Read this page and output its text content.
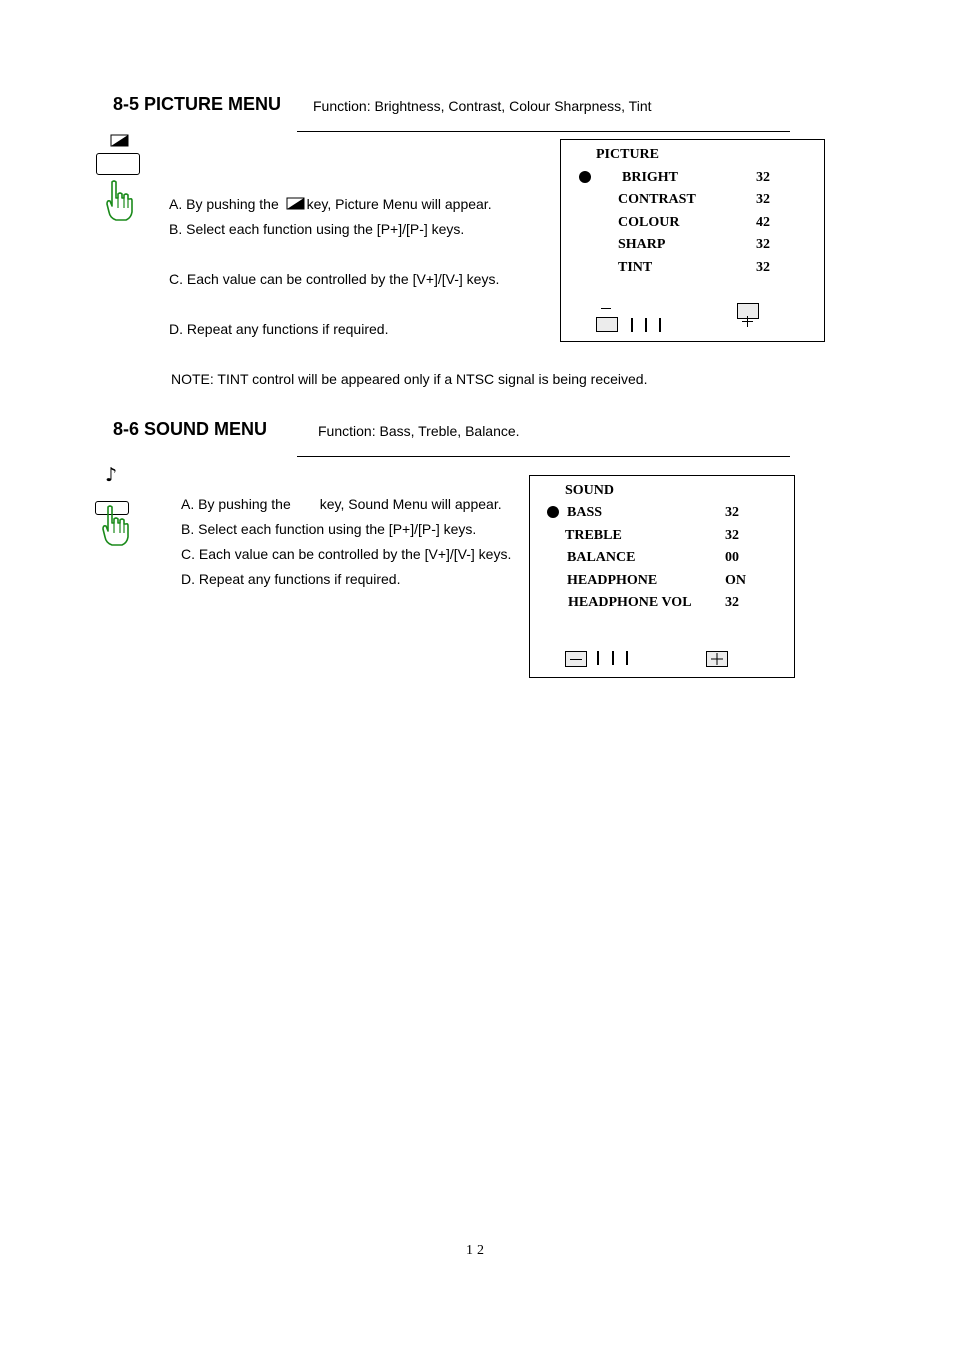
8-5 PICTURE MENU Function: Brightness, Contrast, Colour Sharpness, Tint
A. By pushing the key, Picture Menu will appear.
B. Select each function using the [P+]/[P-] keys.
C. Each value can be controlled by the [V+]/[V-] keys.
D. Repeat any functions if required.
NOTE: TINT control will be appeared only if a NTSC signal is being received.
PICTURE
BRIGHT	32
CONTRAST	32
COLOUR	42
SHARP	32
TINT	32
8-6 SOUND MENU	Function: Bass, Treble, Balance.
♪
A. By pushing the key, Sound Menu will appear.
B. Select each function using the [P+]/[P-] keys.
C. Each value can be controlled by the [V+]/[V-] keys.
D. Repeat any functions if required.
SOUND
BASS	32
TREBLE	32
BALANCE	00
HEADPHONE	ON
HEADPHONE VOL 32
12
